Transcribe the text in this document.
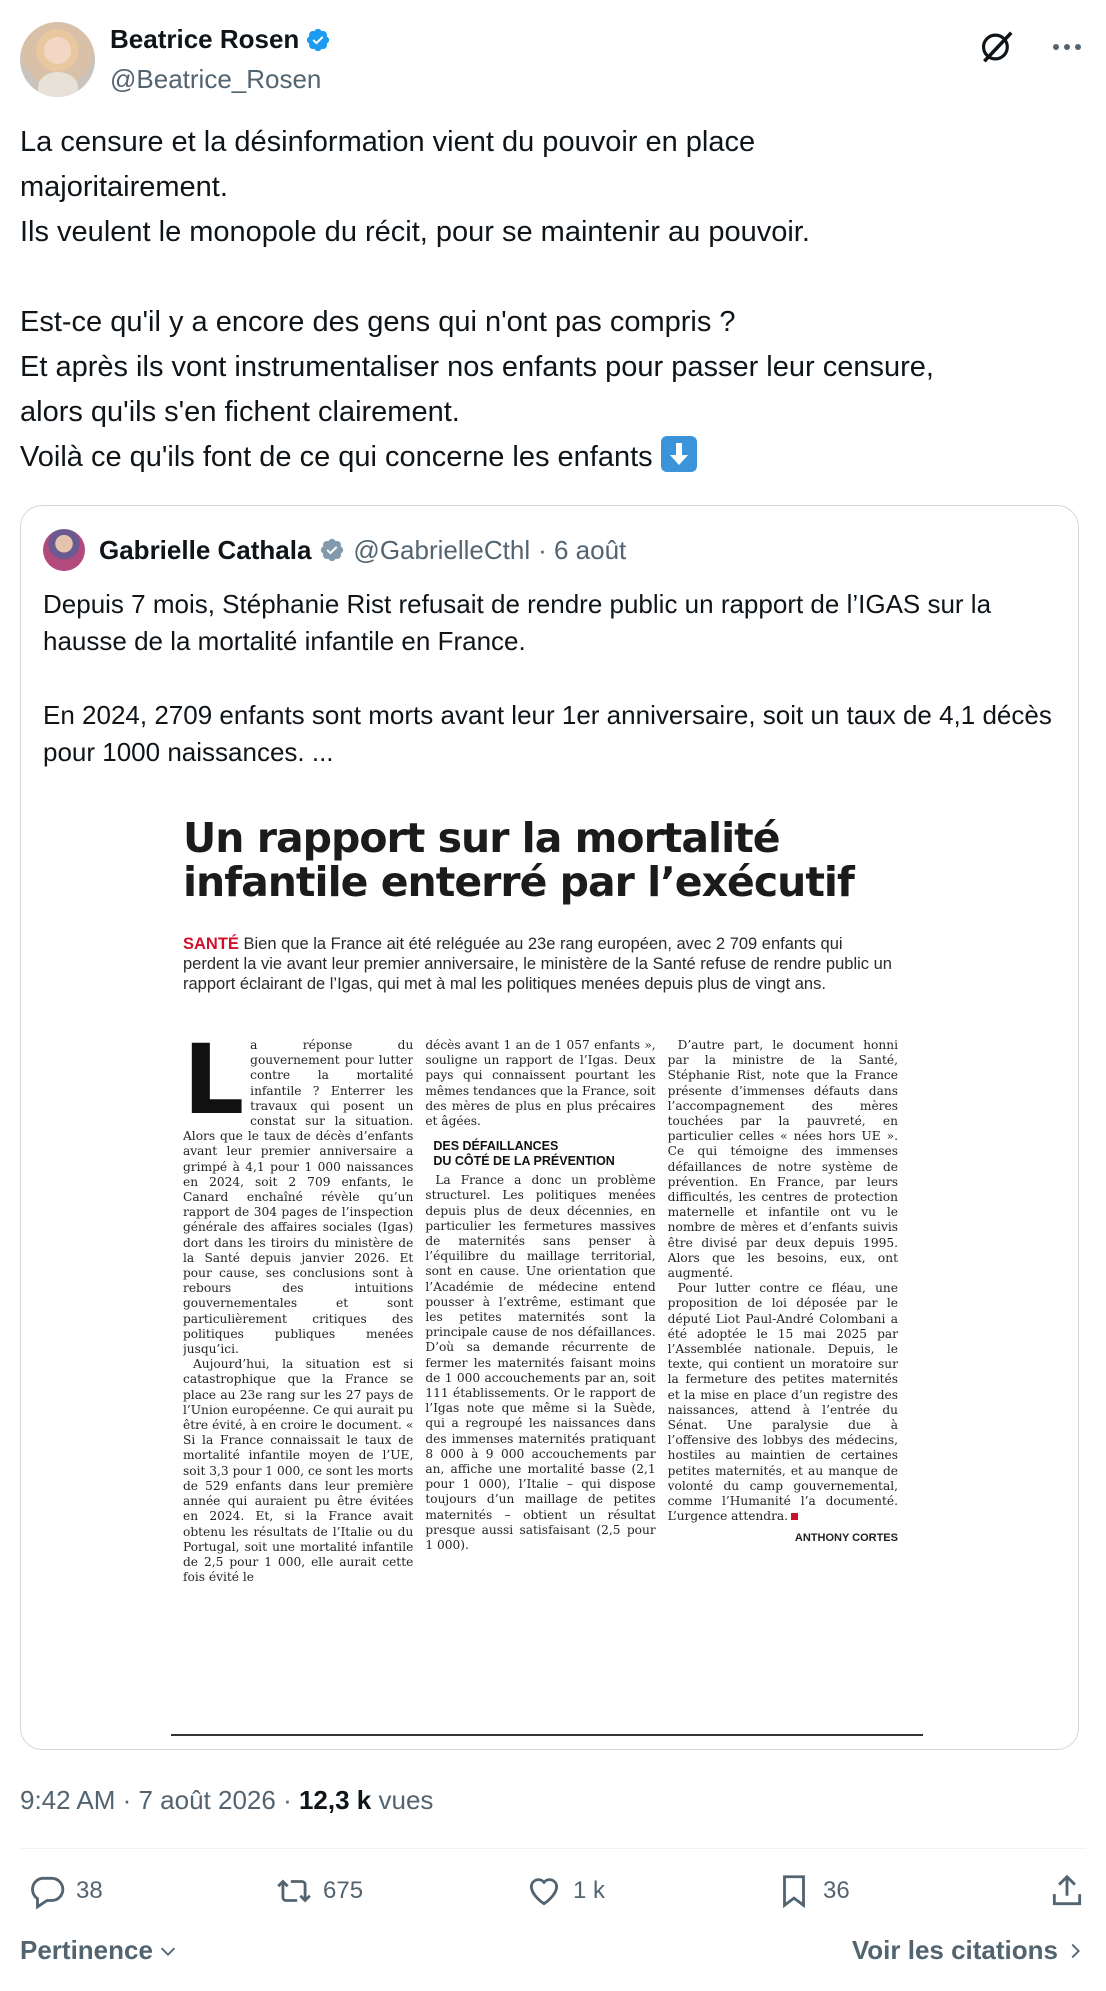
Beatrice Rosen
@Beatrice_Rosen

La censure et la désinformation vient du pouvoir en place

majoritairement.

Ils veulent le monopole du récit, pour se maintenir au pouvoir.

Est-ce qu'il y a encore des gens qui n'ont pas compris ?

Et après ils vont instrumentaliser nos enfants pour passer leur censure,

alors qu'ils s'en fichent clairement.

Voilà ce qu'ils font de ce qui concerne les enfants

Gabrielle Cathala @GabrielleCthl · 6 août

Depuis 7 mois, Stéphanie Rist refusait de rendre public un rapport de l’IGAS sur la hausse de la mortalité infantile en France.

En 2024, 2709 enfants sont morts avant leur 1er anniversaire, soit un taux de 4,1 décès pour 1000 naissances. ...

Un rapport sur la mortalité
infantile enterré par l’exécutif
SANTÉ Bien que la France ait été reléguée au 23e rang européen, avec 2 709 enfants qui perdent la vie avant leur premier anniversaire, le ministère de la Santé refuse de rendre public un rapport éclairant de l’Igas, qui met à mal les politiques menées depuis plus de vingt ans.
L a réponse du gouvernement pour lutter contre la mortalité infantile ? Enterrer les travaux qui posent un constat sur la situation. Alors que le taux de décès d’enfants avant leur premier anniversaire a grimpé à 4,1 pour 1 000 naissances en 2024, soit 2 709 enfants, le Canard enchaîné révèle qu’un rapport de 304 pages de l’inspection générale des affaires sociales (Igas) dort dans les tiroirs du ministère de la Santé depuis janvier 2026. Et pour cause, ses conclusions sont à rebours des intuitions gouvernementales et sont particulièrement critiques des politiques publiques menées jusqu’ici.

Aujourd’hui, la situation est si catastrophique que la France se place au 23e rang sur les 27 pays de l’Union européenne. Ce qui aurait pu être évité, à en croire le document. « Si la France connaissait le taux de mortalité infantile moyen de l’UE, soit 3,3 pour 1 000, ce sont les morts de 529 enfants dans leur première année qui auraient pu être évitées en 2024. Et, si la France avait obtenu les résultats de l’Italie ou du Portugal, soit une mortalité infantile de 2,5 pour 1 000, elle aurait cette fois évité le

décès avant 1 an de 1 057 enfants », souligne un rapport de l’Igas. Deux pays qui connaissent pourtant les mêmes tendances que la France, soit des mères de plus en plus précaires et âgées.

DES DÉFAILLANCES
DU CÔTÉ DE LA PRÉVENTION

La France a donc un problème structurel. Les politiques menées depuis plus de deux décennies, en particulier les fermetures massives de maternités sans penser à l’équilibre du maillage territorial, sont en cause. Une orientation que l’Académie de médecine entend pousser à l’extrême, estimant que les petites maternités sont la principale cause de nos défaillances. D’où sa demande récurrente de fermer les maternités faisant moins de 1 000 accouchements par an, soit 111 établissements. Or le rapport de l’Igas note que même si la Suède, qui a regroupé les naissances dans des immenses maternités pratiquant 8 000 à 9 000 accouchements par an, affiche une mortalité basse (2,1 pour 1 000), l’Italie – qui dispose toujours d’un maillage de petites maternités – obtient un résultat presque aussi satisfaisant (2,5 pour 1 000).

D’autre part, le document honni par la ministre de la Santé, Stéphanie Rist, note que la France présente d’immenses défauts dans l’accompagnement des mères touchées par la pauvreté, en particulier celles « nées hors UE ». Ce qui témoigne des immenses défaillances de notre système de prévention. En France, par leurs difficultés, les centres de protection maternelle et infantile ont vu le nombre de mères et d’enfants suivis être divisé par deux depuis 1995. Alors que les besoins, eux, ont augmenté.

Pour lutter contre ce fléau, une proposition de loi déposée par le député Liot Paul-André Colombani a été adoptée le 15 mai 2025 par l’Assemblée nationale. Depuis, le texte, qui contient un moratoire sur la fermeture des petites maternités et la mise en place d’un registre des naissances, attend à l’entrée du Sénat. Une paralysie due à l’offensive des lobbys des médecins, hostiles au maintien de certaines petites maternités, et au manque de volonté du camp gouvernemental, comme l’Humanité l’a documenté. L’urgence attendra.

ANTHONY CORTES
9:42 AM · 7 août 2026 · 12,3 k vues
38	675	1 k	36
Pertinence	Voir les citations
